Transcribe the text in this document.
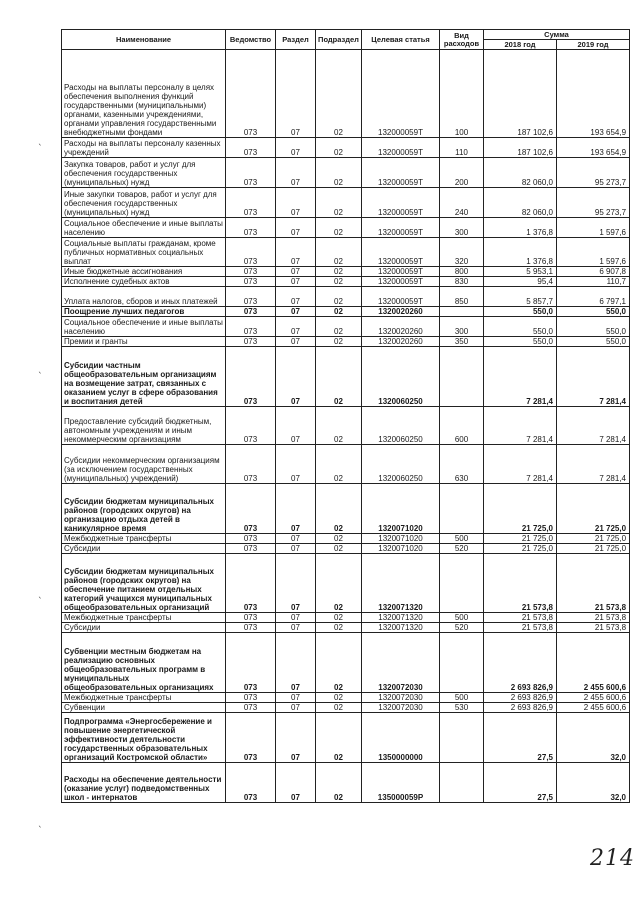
Наименование	Ведомство	Раздел	Подраздел	Целевая статья	Вид расходов	Сумма	
						2018 год	2019 год
Расходы на выплаты персоналу в целях обеспечения выполнения функций государственными (муниципальными) органами, казенными учреждениями, органами управления государственными внебюджетными фондами	073	07	02	132000059Т	100	187 102,6	193 654,9
Расходы на выплаты персоналу казенных учреждений	073	07	02	132000059Т	110	187 102,6	193 654,9
Закупка товаров, работ и услуг для обеспечения государственных (муниципальных) нужд	073	07	02	132000059Т	200	82 060,0	95 273,7
Иные закупки товаров, работ и услуг для обеспечения государственных (муниципальных) нужд	073	07	02	132000059Т	240	82 060,0	95 273,7
Социальное обеспечение и иные выплаты населению	073	07	02	132000059Т	300	1 376,8	1 597,6
Социальные выплаты гражданам, кроме публичных нормативных социальных выплат	073	07	02	132000059Т	320	1 376,8	1 597,6
Иные бюджетные ассигнования	073	07	02	132000059Т	800	5 953,1	6 907,8
Исполнение судебных актов	073	07	02	132000059Т	830	95,4	110,7
Уплата налогов, сборов и иных платежей	073	07	02	132000059Т	850	5 857,7	6 797,1
Поощрение лучших педагогов	073	07	02	1320020260		550,0	550,0
Социальное обеспечение и иные выплаты населению	073	07	02	1320020260	300	550,0	550,0
Премии и гранты	073	07	02	1320020260	350	550,0	550,0
Субсидии частным общеобразовательным организациям на возмещение затрат, связанных с оказанием услуг в сфере образования и воспитания детей	073	07	02	1320060250		7 281,4	7 281,4
Предоставление субсидий бюджетным, автономным учреждениям и иным некоммерческим организациям	073	07	02	1320060250	600	7 281,4	7 281,4
Субсидии некоммерческим организациям (за исключением государственных (муниципальных) учреждений)	073	07	02	1320060250	630	7 281,4	7 281,4
Субсидии бюджетам муниципальных районов (городских округов) на организацию отдыха детей в каникулярное время	073	07	02	1320071020		21 725,0	21 725,0
Межбюджетные трансферты	073	07	02	1320071020	500	21 725,0	21 725,0
Субсидии	073	07	02	1320071020	520	21 725,0	21 725,0
Субсидии бюджетам муниципальных районов (городских округов) на обеспечение питанием отдельных категорий учащихся муниципальных общеобразовательных организаций	073	07	02	1320071320		21 573,8	21 573,8
Межбюджетные трансферты	073	07	02	1320071320	500	21 573,8	21 573,8
Субсидии	073	07	02	1320071320	520	21 573,8	21 573,8
Субвенции местным бюджетам на реализацию основных общеобразовательных программ в муниципальных общеобразовательных организациях	073	07	02	1320072030		2 693 826,9	2 455 600,6
Межбюджетные трансферты	073	07	02	1320072030	500	2 693 826,9	2 455 600,6
Субвенции	073	07	02	1320072030	530	2 693 826,9	2 455 600,6
Подпрограмма «Энергосбережение и повышение энергетической эффективности деятельности государственных образовательных организаций Костромской области»	073	07	02	1350000000		27,5	32,0
Расходы на обеспечение деятельности (оказание услуг) подведомственных школ - интернатов	073	07	02	135000059Р		27,5	32,0
`
`
`
`
214
